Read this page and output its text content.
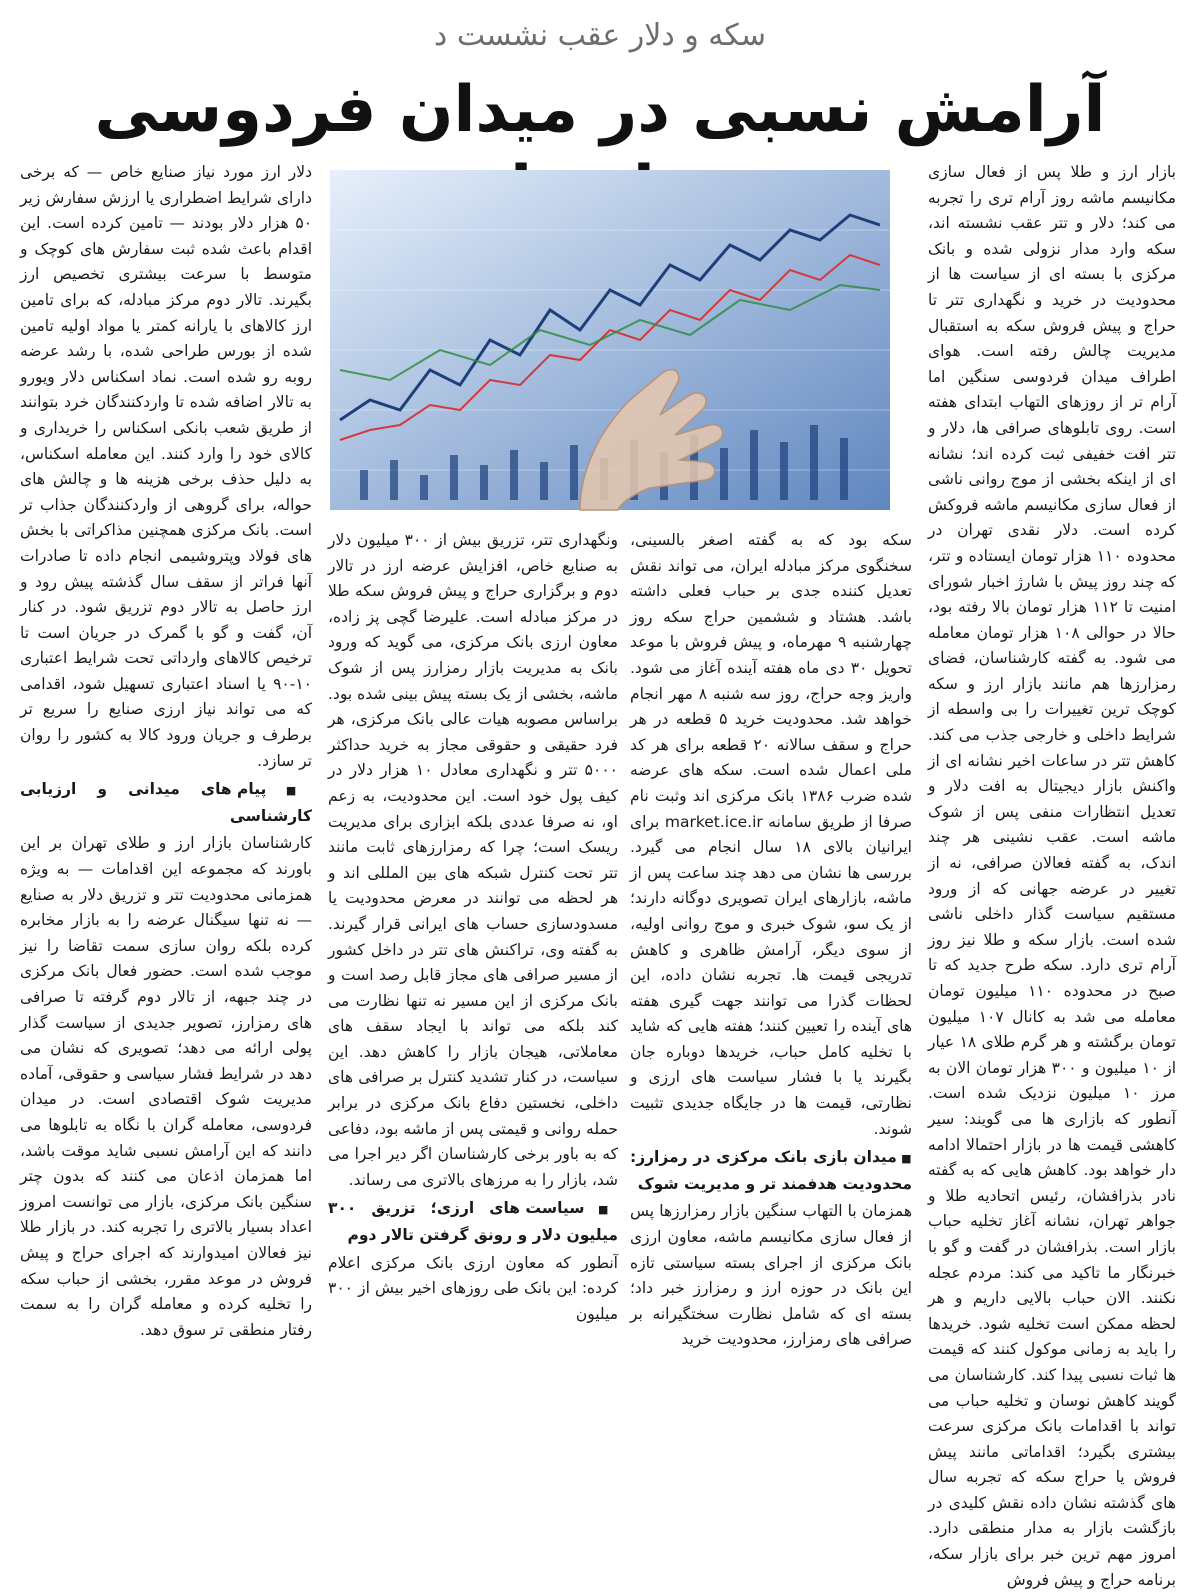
سکه و دلار عقب نشست د
آرامش نسبی در میدان فردوسی

بازار ارز و طلا پس از فعال سازی مکانیسم ماشه روز آرام تری را تجربه می کند؛ دلار و تتر عقب نشسته اند، سکه وارد مدار نزولی شده و بانک مرکزی با بسته ای از سیاست ها از محدودیت در خرید و نگهداری تتر تا حراج و پیش فروش سکه به استقبال مدیریت چالش رفته است. هوای اطراف میدان فردوسی سنگین اما آرام تر از روزهای التهاب ابتدای هفته است. روی تابلوهای صرافی ها، دلار و تتر افت خفیفی ثبت کرده اند؛ نشانه ای از اینکه بخشی از موج روانی ناشی از فعال سازی مکانیسم ماشه فروکش کرده است. دلار نقدی تهران در محدوده ۱۱۰ هزار تومان ایستاده و تتر، که چند روز پیش با شارژ اخبار شورای امنیت تا ۱۱۲ هزار تومان بالا رفته بود، حالا در حوالی ۱۰۸ هزار تومان معامله می شود. به گفته کارشناسان، فضای رمزارزها هم مانند بازار ارز و سکه کوچک ترین تغییرات را بی واسطه از شرایط داخلی و خارجی جذب می کند. کاهش تتر در ساعات اخیر نشانه ای از واکنش بازار دیجیتال به افت دلار و تعدیل انتظارات منفی پس از شوک ماشه است. عقب نشینی هر چند اندک، به گفته فعالان صرافی، نه از تغییر در عرضه جهانی که از ورود مستقیم سیاست گذار داخلی ناشی شده است. بازار سکه و طلا نیز روز آرام تری دارد. سکه طرح جدید که تا صبح در محدوده ۱۱۰ میلیون تومان معامله می شد به کانال ۱۰۷ میلیون تومان برگشته و هر گرم طلای ۱۸ عیار از ۱۰ میلیون و ۳۰۰ هزار تومان الان به مرز ۱۰ میلیون نزدیک شده است. آنطور که بازاری ها می گویند: سیر کاهشی قیمت ها در بازار احتمالا ادامه دار خواهد بود. کاهش هایی که به گفته نادر بذرافشان، رئیس اتحادیه طلا و جواهر تهران، نشانه آغاز تخلیه حباب بازار است. بذرافشان در گفت و گو با خبرنگار ما تاکید می کند: مردم عجله نکنند. الان حباب بالایی داریم و هر لحظه ممکن است تخلیه شود. خریدها را باید به زمانی موکول کنند که قیمت ها ثبات نسبی پیدا کند. کارشناسان می گویند کاهش نوسان و تخلیه حباب می تواند با اقدامات بانک مرکزی سرعت بیشتری بگیرد؛ اقداماتی مانند پیش فروش یا حراج سکه که تجربه سال های گذشته نشان داده نقش کلیدی در بازگشت بازار به مدار منطقی دارد. امروز مهم ترین خبر برای بازار سکه، برنامه حراج و پیش فروش

سکه بود که به گفته اصغر بالسینی، سخنگوی مرکز مبادله ایران، می تواند نقش تعدیل کننده جدی بر حباب فعلی داشته باشد. هشتاد و ششمین حراج سکه روز چهارشنبه ۹ مهرماه، و پیش فروش با موعد تحویل ۳۰ دی ماه هفته آینده آغاز می شود. واریز وجه حراج، روز سه شنبه ۸ مهر انجام خواهد شد. محدودیت خرید ۵ قطعه در هر حراج و سقف سالانه ۲۰ قطعه برای هر کد ملی اعمال شده است. سکه های عرضه شده ضرب ۱۳۸۶ بانک مرکزی اند وثبت نام صرفا از طریق سامانه market.ice.ir برای ایرانیان بالای ۱۸ سال انجام می گیرد. بررسی ها نشان می دهد چند ساعت پس از ماشه، بازارهای ایران تصویری دوگانه دارند؛ از یک سو، شوک خبری و موج روانی اولیه، از سوی دیگر، آرامش ظاهری و کاهش تدریجی قیمت ها. تجربه نشان داده، این لحظات گذرا می توانند جهت گیری هفته های آینده را تعیین کنند؛ هفته هایی که شاید با تخلیه کامل حباب، خریدها دوباره جان بگیرند یا با فشار سیاست های ارزی و نظارتی، قیمت ها در جایگاه جدیدی تثبیت شوند.

■ میدان بازی بانک مرکزی در رمزارز: محدودیت هدفمند تر و مدیریت شوک

همزمان با التهاب سنگین بازار رمزارزها پس از فعال سازی مکانیسم ماشه، معاون ارزی بانک مرکزی از اجرای بسته سیاستی تازه این بانک در حوزه ارز و رمزارز خبر داد؛ بسته ای که شامل نظارت سختگیرانه بر صرافی های رمزارز، محدودیت خرید

ونگهداری تتر، تزریق بیش از ۳۰۰ میلیون دلار به صنایع خاص، افزایش عرضه ارز در تالار دوم و برگزاری حراج و پیش فروش سکه طلا در مرکز مبادله است. علیرضا گچی پز زاده، معاون ارزی بانک مرکزی، می گوید که ورود بانک به مدیریت بازار رمزارز پس از شوک ماشه، بخشی از یک بسته پیش بینی شده بود. براساس مصوبه هیات عالی بانک مرکزی، هر فرد حقیقی و حقوقی مجاز به خرید حداکثر ۵۰۰۰ تتر و نگهداری معادل ۱۰ هزار دلار در کیف پول خود است. این محدودیت، به زعم او، نه صرفا عددی بلکه ابزاری برای مدیریت ریسک است؛ چرا که رمزارزهای ثابت مانند تتر تحت کنترل شبکه های بین المللی اند و هر لحظه می توانند در معرض محدودیت یا مسدودسازی حساب های ایرانی قرار گیرند. به گفته وی، تراکنش های تتر در داخل کشور از مسیر صرافی های مجاز قابل رصد است و بانک مرکزی از این مسیر نه تنها نظارت می کند بلکه می تواند با ایجاد سقف های معاملاتی، هیجان بازار را کاهش دهد. این سیاست، در کنار تشدید کنترل بر صرافی های داخلی، نخستین دفاع بانک مرکزی در برابر حمله روانی و قیمتی پس از ماشه بود، دفاعی که به باور برخی کارشناسان اگر دیر اجرا می شد، بازار را به مرزهای بالاتری می رساند.

■ سیاست های ارزی؛ تزریق ۳۰۰ میلیون دلار و رونق گرفتن تالار دوم

آنطور که معاون ارزی بانک مرکزی اعلام کرده: این بانک طی روزهای اخیر بیش از ۳۰۰ میلیون

دلار ارز مورد نیاز صنایع خاص — که برخی دارای شرایط اضطراری یا ارزش سفارش زیر ۵۰ هزار دلار بودند — تامین کرده است. این اقدام باعث شده ثبت سفارش های کوچک و متوسط با سرعت بیشتری تخصیص ارز بگیرند. تالار دوم مرکز مبادله، که برای تامین ارز کالاهای با یارانه کمتر یا مواد اولیه تامین شده از بورس طراحی شده، با رشد عرضه روبه رو شده است. نماد اسکناس دلار ویورو به تالار اضافه شده تا واردکنندگان خرد بتوانند از طریق شعب بانکی اسکناس را خریداری و کالای خود را وارد کنند. این معامله اسکناس، به دلیل حذف برخی هزینه ها و چالش های حواله، برای گروهی از واردکنندگان جذاب تر است. بانک مرکزی همچنین مذاکراتی با بخش های فولاد وپتروشیمی انجام داده تا صادرات آنها فراتر از سقف سال گذشته پیش رود و ارز حاصل به تالار دوم تزریق شود. در کنار آن، گفت و گو با گمرک در جریان است تا ترخیص کالاهای وارداتی تحت شرایط اعتباری ۱۰-۹۰ یا اسناد اعتباری تسهیل شود، اقدامی که می تواند نیاز ارزی صنایع را سریع تر برطرف و جریان ورود کالا به کشور را روان تر سازد.

■ پیام های میدانی و ارزیابی کارشناسی

کارشناسان بازار ارز و طلای تهران بر این باورند که مجموعه این اقدامات — به ویژه همزمانی محدودیت تتر و تزریق دلار به صنایع — نه تنها سیگنال عرضه را به بازار مخابره کرده بلکه روان سازی سمت تقاضا را نیز موجب شده است. حضور فعال بانک مرکزی در چند جبهه، از تالار دوم گرفته تا صرافی های رمزارز، تصویر جدیدی از سیاست گذار پولی ارائه می دهد؛ تصویری که نشان می دهد در شرایط فشار سیاسی و حقوقی، آماده مدیریت شوک اقتصادی است. در میدان فردوسی، معامله گران با نگاه به تابلوها می دانند که این آرامش نسبی شاید موقت باشد، اما همزمان اذعان می کنند که بدون چتر سنگین بانک مرکزی، بازار می توانست امروز اعداد بسیار بالاتری را تجربه کند. در بازار طلا نیز فعالان امیدوارند که اجرای حراج و پیش فروش در موعد مقرر، بخشی از حباب سکه را تخلیه کرده و معامله گران را به سمت رفتار منطقی تر سوق دهد.
